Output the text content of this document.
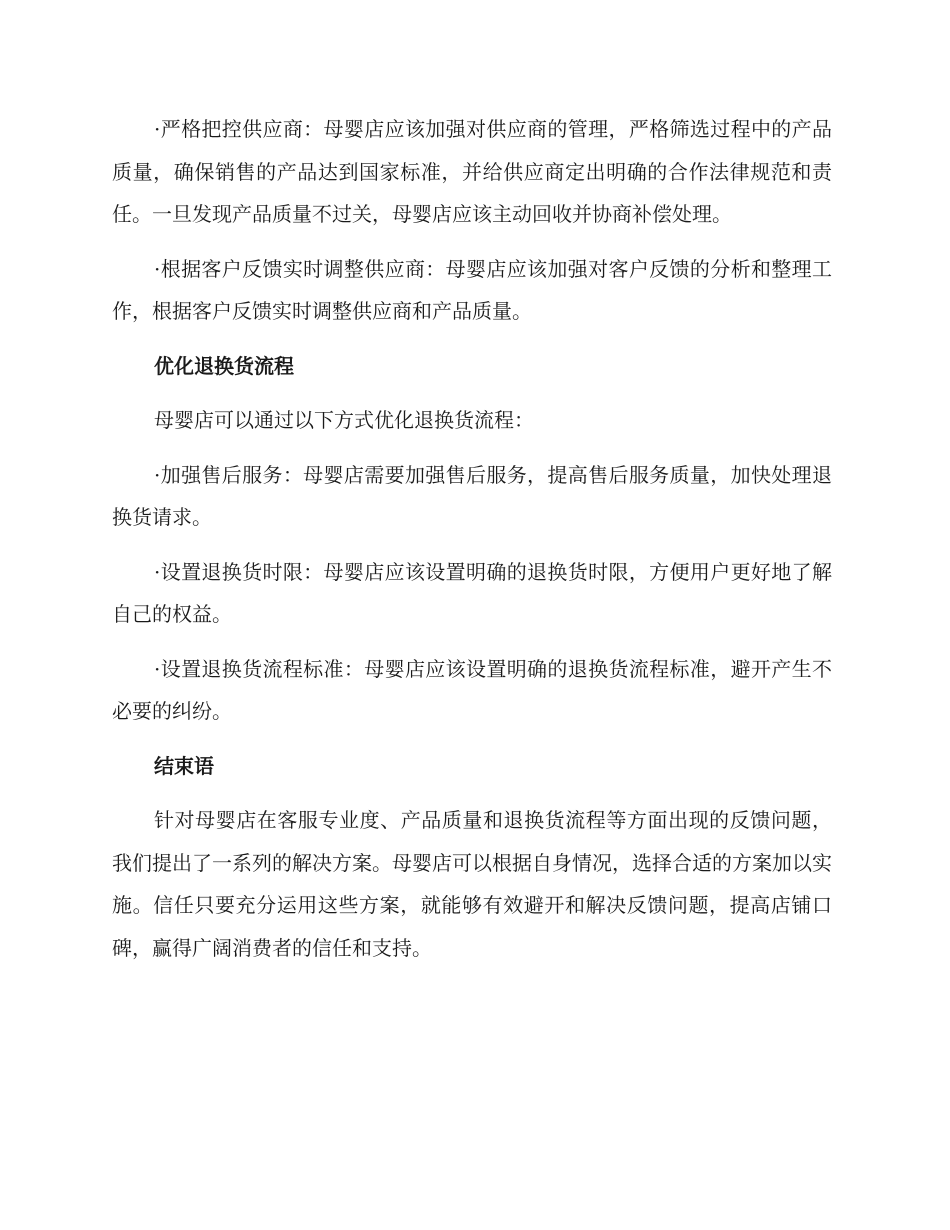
·严格把控供应商：母婴店应该加强对供应商的管理，严格筛选过程中的产品质量，确保销售的产品达到国家标准，并给供应商定出明确的合作法律规范和责任。一旦发现产品质量不过关，母婴店应该主动回收并协商补偿处理。

·根据客户反馈实时调整供应商：母婴店应该加强对客户反馈的分析和整理工作，根据客户反馈实时调整供应商和产品质量。

优化退换货流程

母婴店可以通过以下方式优化退换货流程：

·加强售后服务：母婴店需要加强售后服务，提高售后服务质量，加快处理退换货请求。

·设置退换货时限：母婴店应该设置明确的退换货时限，方便用户更好地了解自己的权益。

·设置退换货流程标准：母婴店应该设置明确的退换货流程标准，避开产生不必要的纠纷。

结束语

针对母婴店在客服专业度、产品质量和退换货流程等方面出现的反馈问题，我们提出了一系列的解决方案。母婴店可以根据自身情况，选择合适的方案加以实施。信任只要充分运用这些方案，就能够有效避开和解决反馈问题，提高店铺口碑，赢得广阔消费者的信任和支持。
